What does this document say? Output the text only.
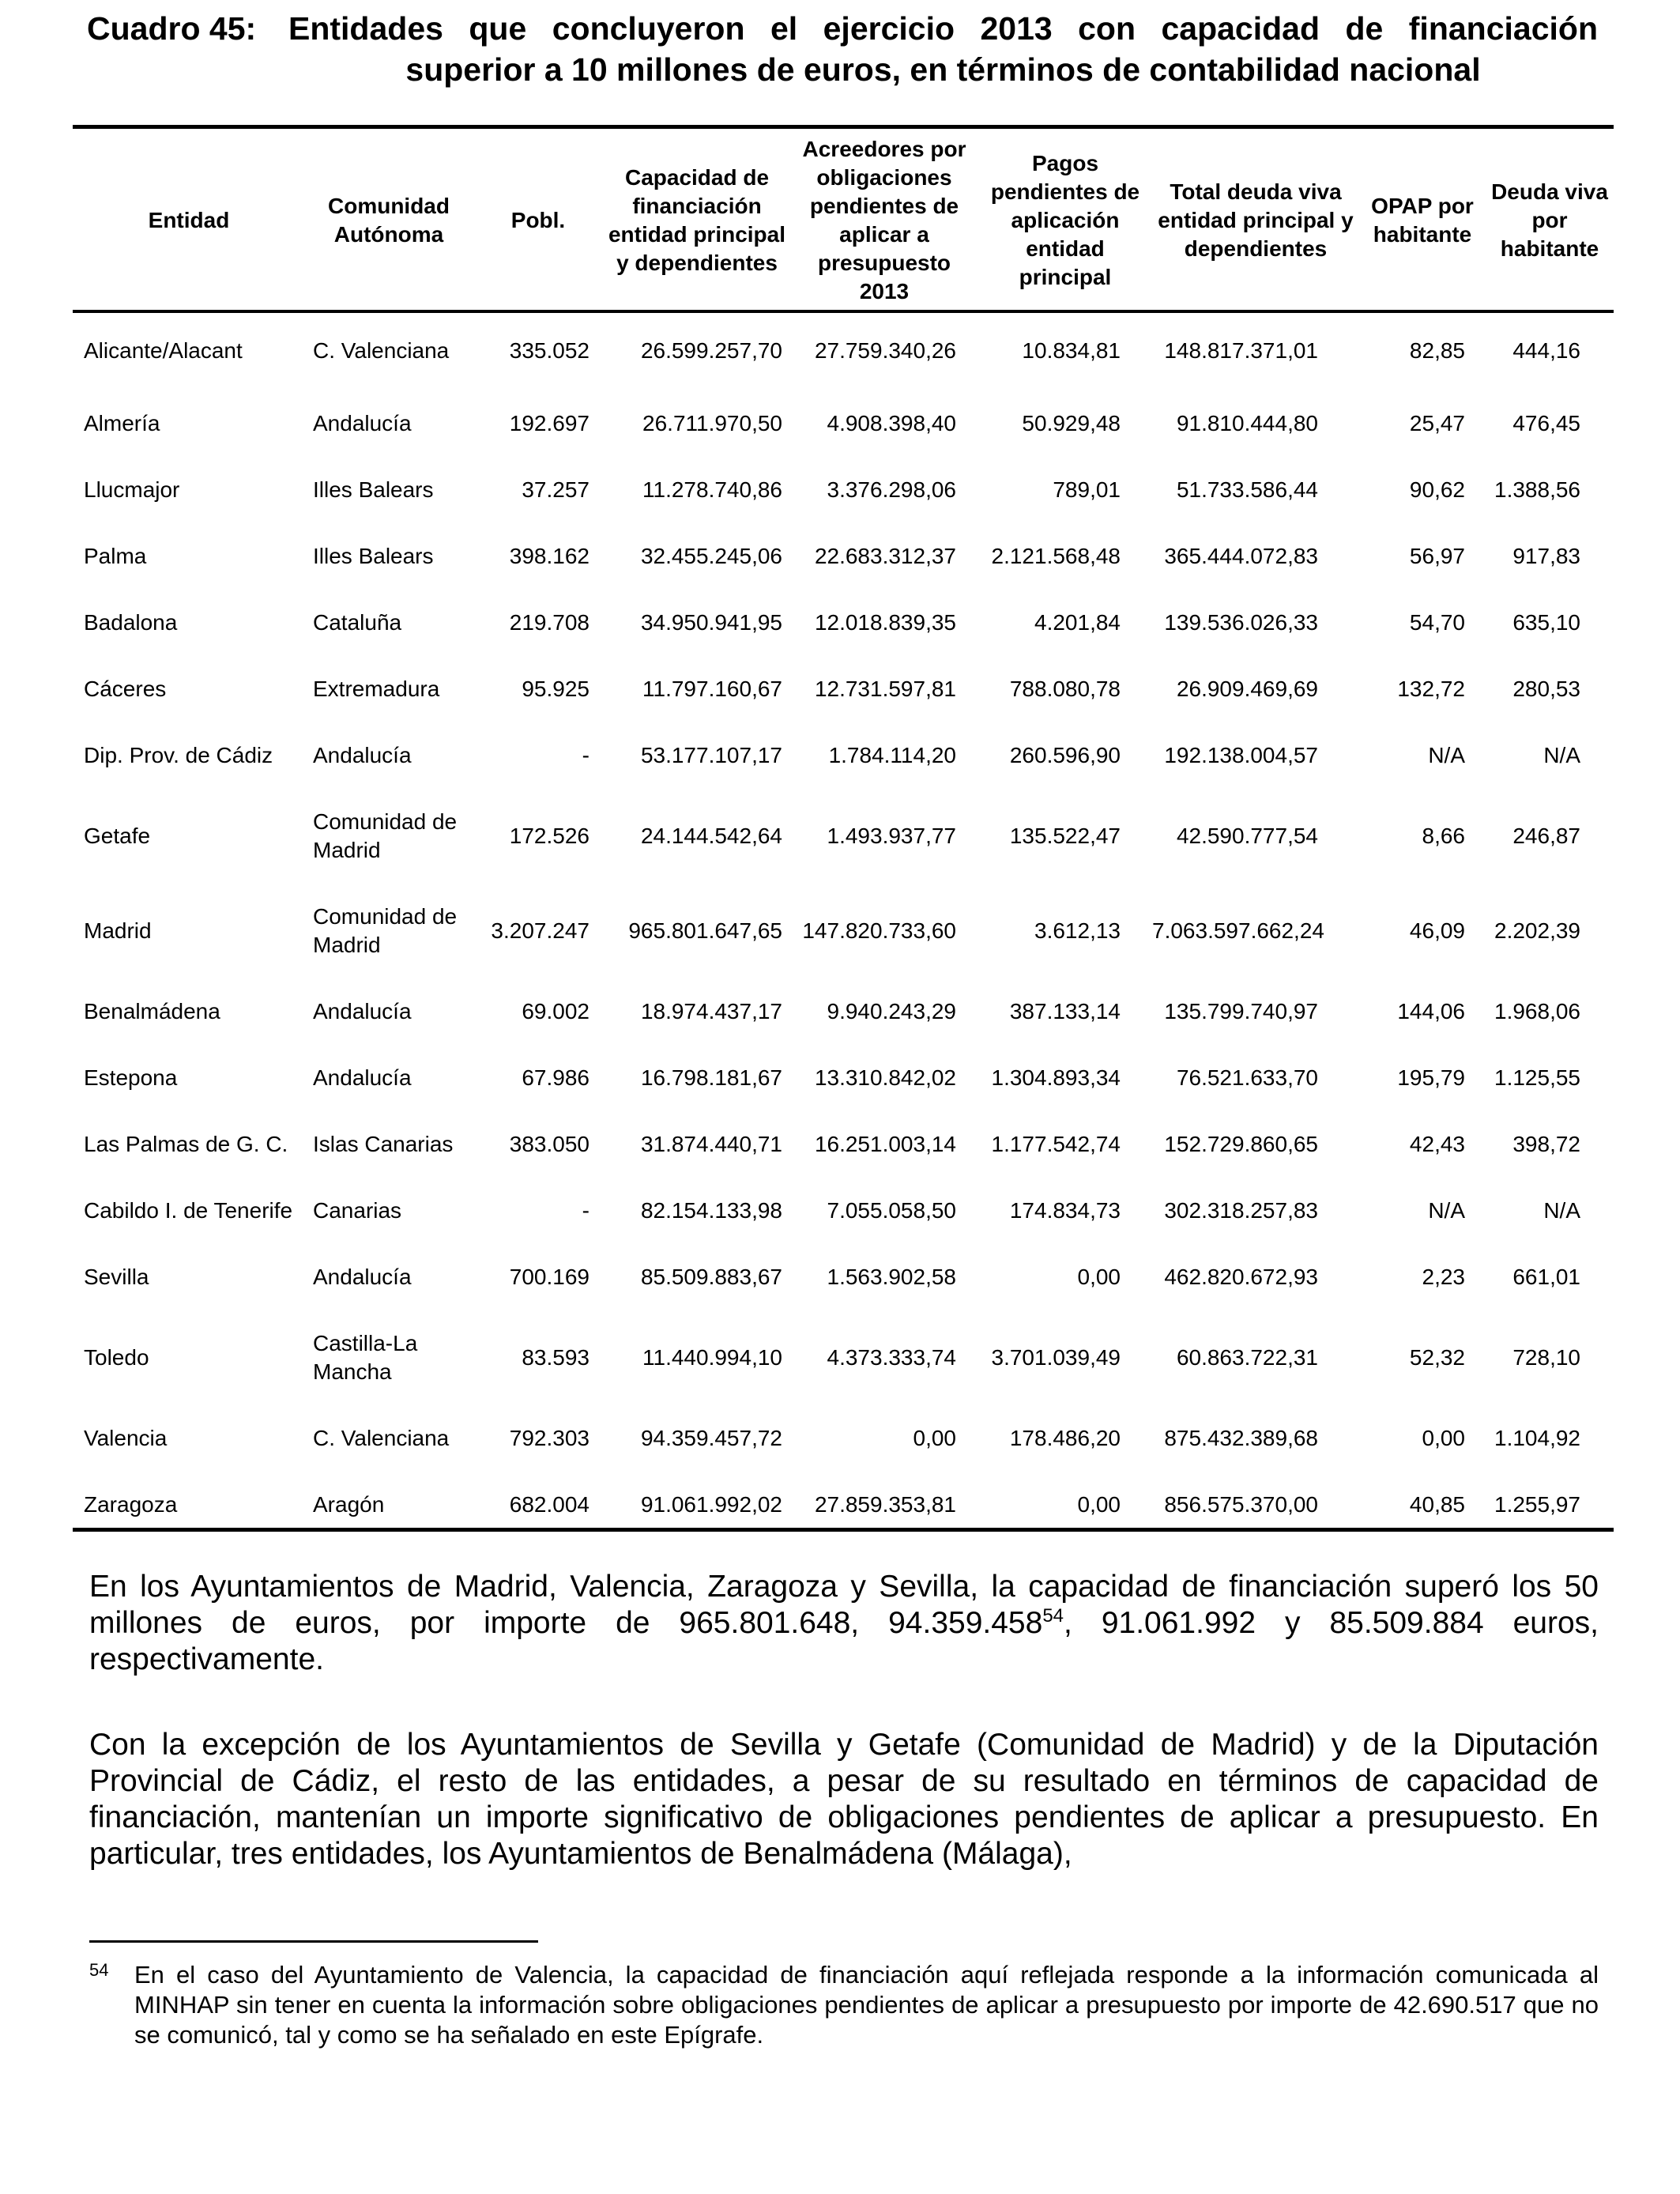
Cuadro 45: Entidades que concluyeron el ejercicio 2013 con capacidad de financiación
superior a 10 millones de euros, en términos de contabilidad nacional
Entidad	Comunidad Autónoma	Pobl.	Capacidad de financiación entidad principal y dependientes	Acreedores por obligaciones pendientes de aplicar a presupuesto 2013	Pagos pendientes de aplicación entidad principal	Total deuda viva entidad principal y dependientes	OPAP por habitante	Deuda viva por habitante
Alicante/Alacant	C. Valenciana	335.052	26.599.257,70	27.759.340,26	10.834,81	148.817.371,01	82,85	444,16
Almería	Andalucía	192.697	26.711.970,50	4.908.398,40	50.929,48	91.810.444,80	25,47	476,45
Llucmajor	Illes Balears	37.257	11.278.740,86	3.376.298,06	789,01	51.733.586,44	90,62	1.388,56
Palma	Illes Balears	398.162	32.455.245,06	22.683.312,37	2.121.568,48	365.444.072,83	56,97	917,83
Badalona	Cataluña	219.708	34.950.941,95	12.018.839,35	4.201,84	139.536.026,33	54,70	635,10
Cáceres	Extremadura	95.925	11.797.160,67	12.731.597,81	788.080,78	26.909.469,69	132,72	280,53
Dip. Prov. de Cádiz	Andalucía	-	53.177.107,17	1.784.114,20	260.596,90	192.138.004,57	N/A	N/A
Getafe	Comunidad de Madrid	172.526	24.144.542,64	1.493.937,77	135.522,47	42.590.777,54	8,66	246,87
Madrid	Comunidad de Madrid	3.207.247	965.801.647,65	147.820.733,60	3.612,13	7.063.597.662,24	46,09	2.202,39
Benalmádena	Andalucía	69.002	18.974.437,17	9.940.243,29	387.133,14	135.799.740,97	144,06	1.968,06
Estepona	Andalucía	67.986	16.798.181,67	13.310.842,02	1.304.893,34	76.521.633,70	195,79	1.125,55
Las Palmas de G. C.	Islas Canarias	383.050	31.874.440,71	16.251.003,14	1.177.542,74	152.729.860,65	42,43	398,72
Cabildo I. de Tenerife	Canarias	-	82.154.133,98	7.055.058,50	174.834,73	302.318.257,83	N/A	N/A
Sevilla	Andalucía	700.169	85.509.883,67	1.563.902,58	0,00	462.820.672,93	2,23	661,01
Toledo	Castilla-La Mancha	83.593	11.440.994,10	4.373.333,74	3.701.039,49	60.863.722,31	52,32	728,10
Valencia	C. Valenciana	792.303	94.359.457,72	0,00	178.486,20	875.432.389,68	0,00	1.104,92
Zaragoza	Aragón	682.004	91.061.992,02	27.859.353,81	0,00	856.575.370,00	40,85	1.255,97
En los Ayuntamientos de Madrid, Valencia, Zaragoza y Sevilla, la capacidad de financiación superó los 50 millones de euros, por importe de 965.801.648, 94.359.458$^{54}$, 91.061.992 y 85.509.884 euros, respectivamente.
Con la excepción de los Ayuntamientos de Sevilla y Getafe (Comunidad de Madrid) y de la Diputación Provincial de Cádiz, el resto de las entidades, a pesar de su resultado en términos de capacidad de financiación, mantenían un importe significativo de obligaciones pendientes de aplicar a presupuesto. En particular, tres entidades, los Ayuntamientos de Benalmádena (Málaga),
54	En el caso del Ayuntamiento de Valencia, la capacidad de financiación aquí reflejada responde a la información comunicada al MINHAP sin tener en cuenta la información sobre obligaciones pendientes de aplicar a presupuesto por importe de 42.690.517 que no se comunicó, tal y como se ha señalado en este Epígrafe.
